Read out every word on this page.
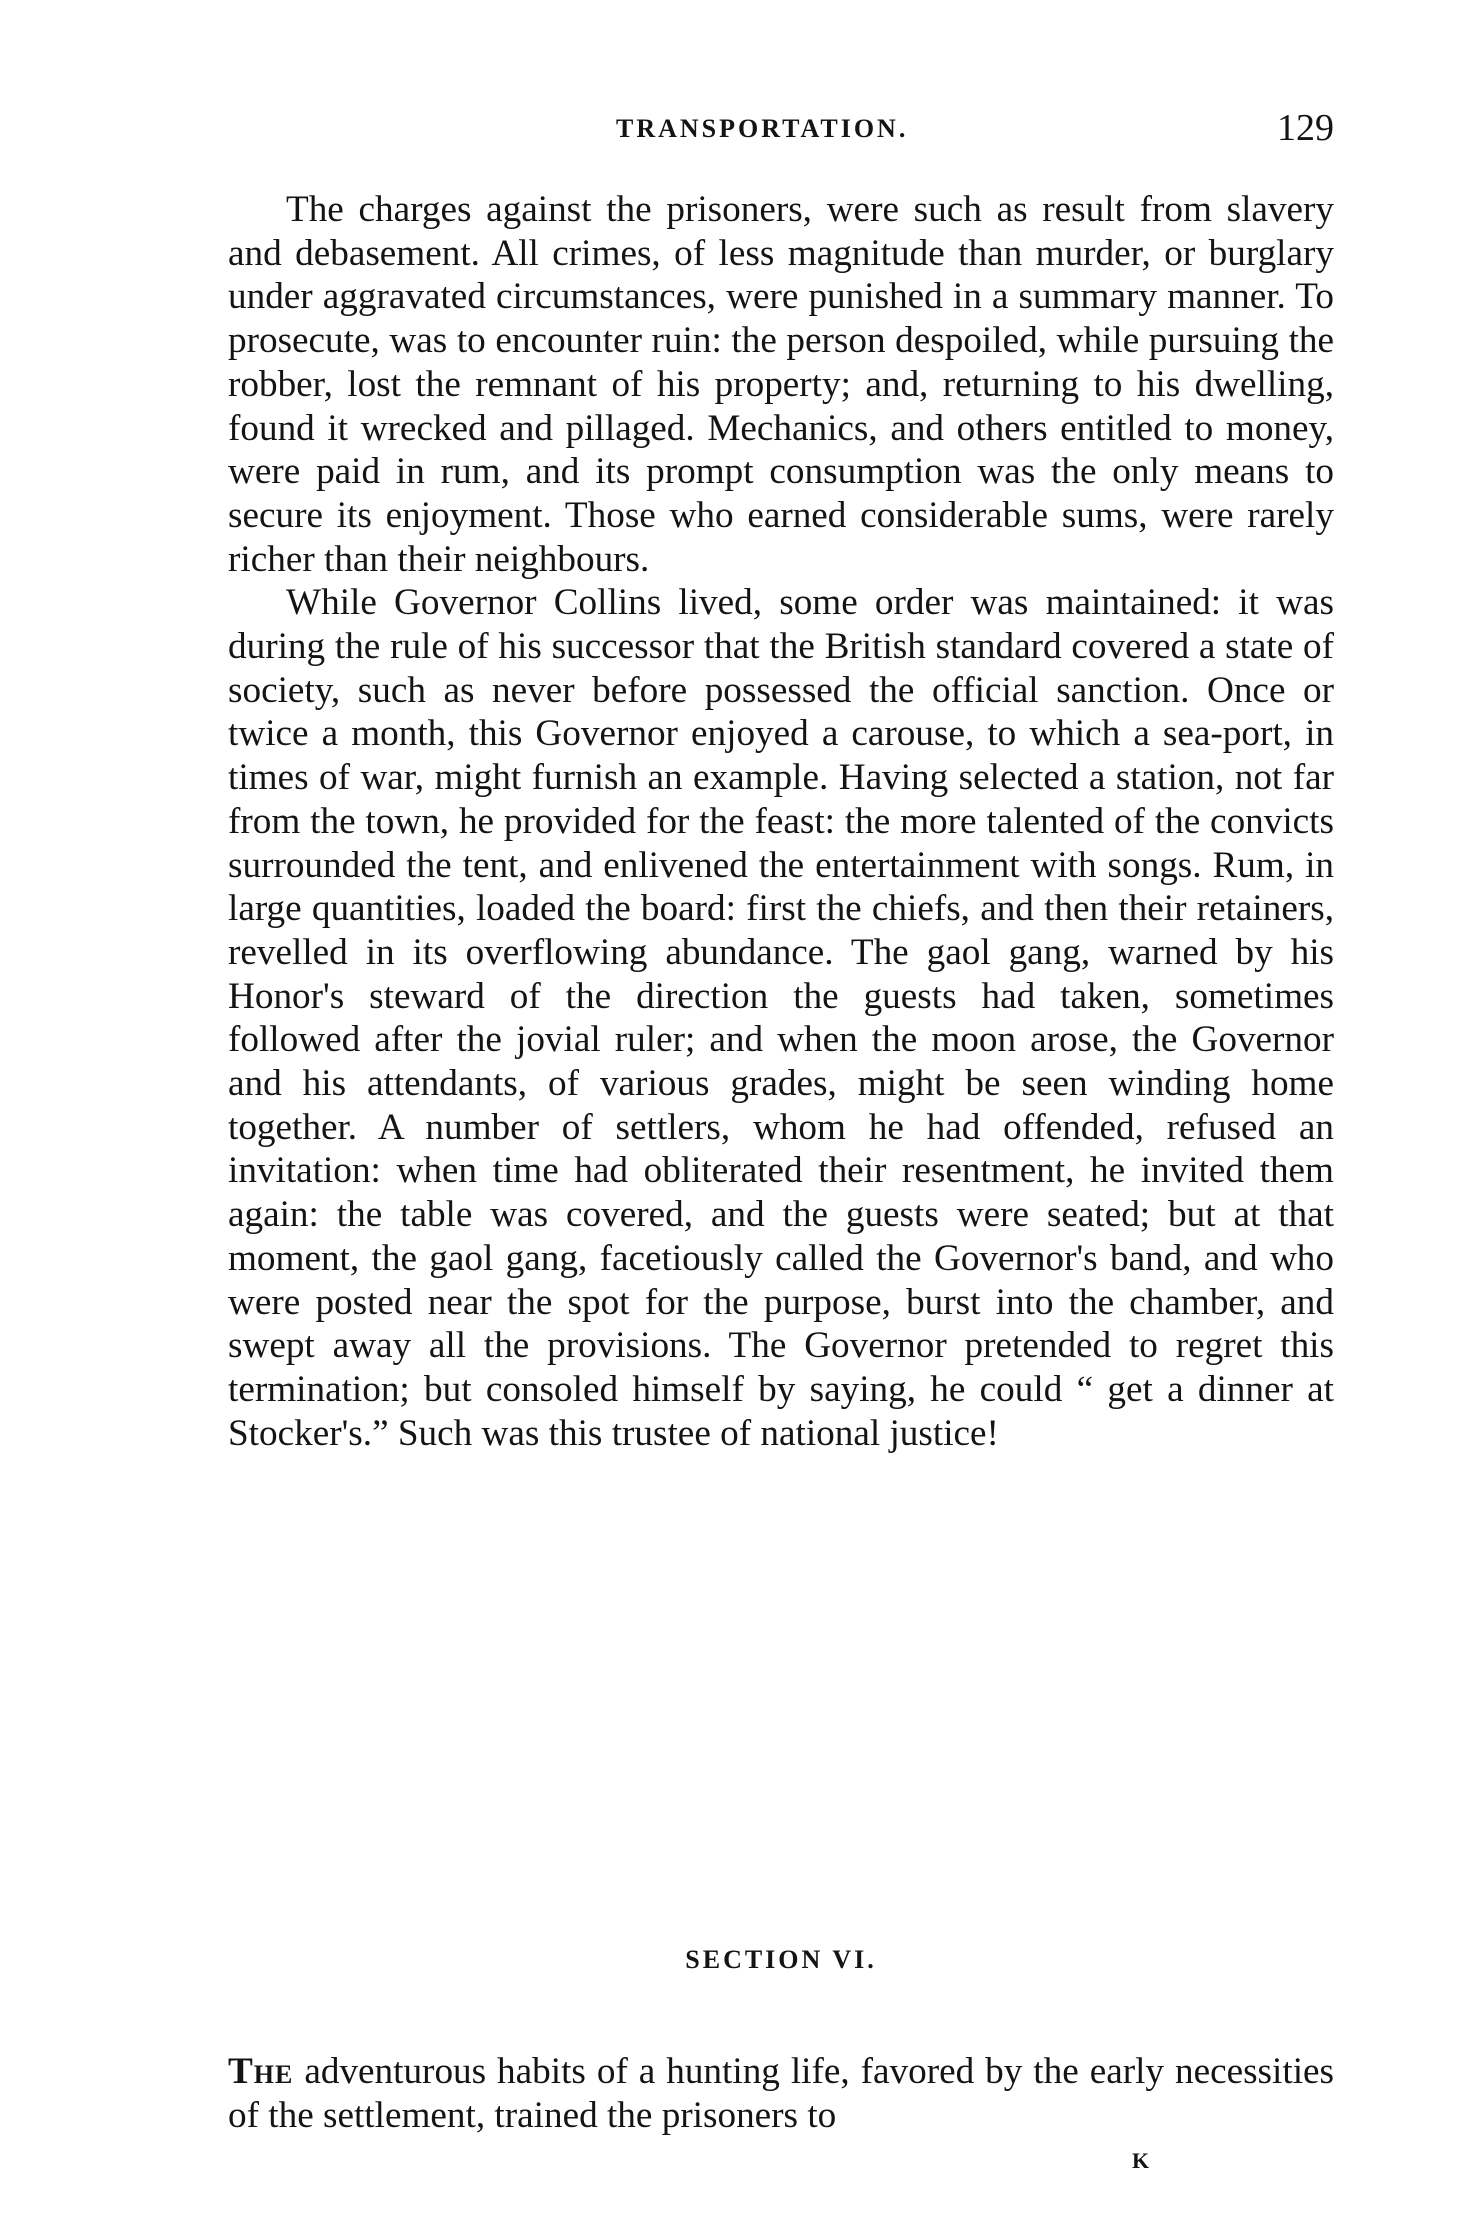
TRANSPORTATION.	129

The charges against the prisoners, were such as result from slavery and debasement. All crimes, of less magnitude than murder, or burglary under aggravated circumstances, were punished in a summary manner. To prosecute, was to encounter ruin: the person despoiled, while pursuing the robber, lost the remnant of his property; and, returning to his dwelling, found it wrecked and pillaged. Mechanics, and others entitled to money, were paid in rum, and its prompt consumption was the only means to secure its enjoyment. Those who earned considerable sums, were rarely richer than their neighbours.

While Governor Collins lived, some order was maintained: it was during the rule of his successor that the British standard covered a state of society, such as never before possessed the official sanction. Once or twice a month, this Governor enjoyed a carouse, to which a sea-port, in times of war, might furnish an example. Having selected a station, not far from the town, he provided for the feast: the more talented of the convicts surrounded the tent, and enlivened the entertainment with songs. Rum, in large quantities, loaded the board: first the chiefs, and then their retainers, revelled in its overflowing abundance. The gaol gang, warned by his Honor's steward of the direction the guests had taken, sometimes followed after the jovial ruler; and when the moon arose, the Governor and his attendants, of various grades, might be seen winding home together. A number of settlers, whom he had offended, refused an invitation: when time had obliterated their resentment, he invited them again: the table was covered, and the guests were seated; but at that moment, the gaol gang, facetiously called the Governor's band, and who were posted near the spot for the purpose, burst into the chamber, and swept away all the provisions. The Governor pretended to regret this termination; but consoled himself by saying, he could “ get a dinner at Stocker's.” Such was this trustee of national justice!

SECTION VI.

The adventurous habits of a hunting life, favored by the early necessities of the settlement, trained the prisoners to

K
